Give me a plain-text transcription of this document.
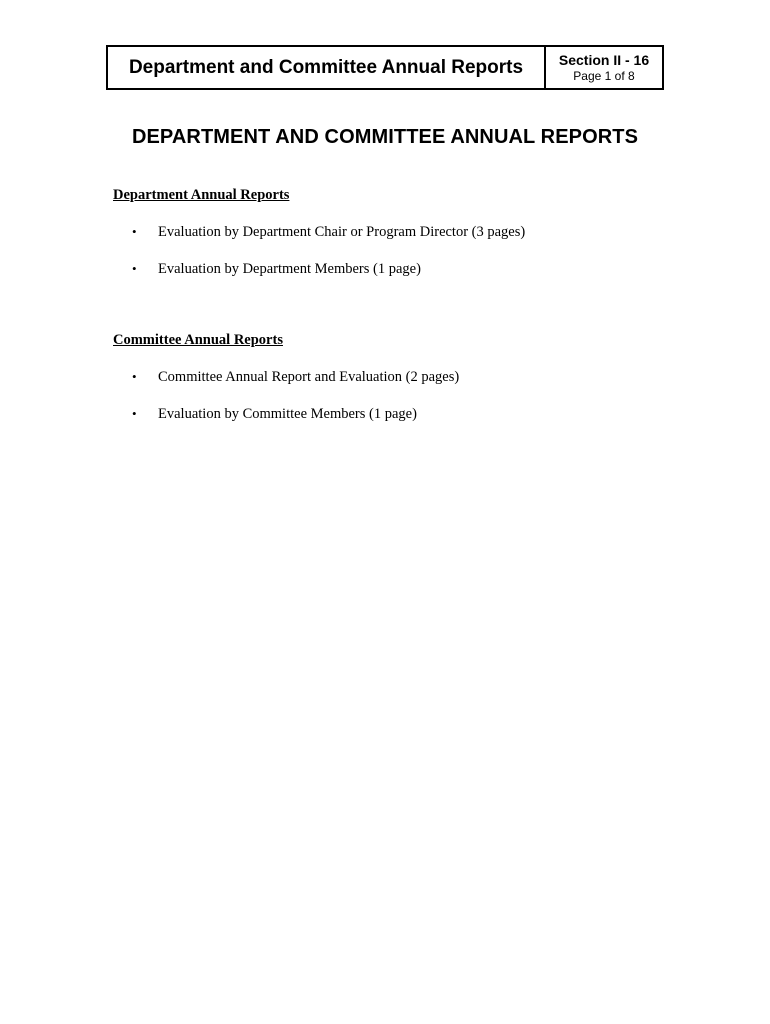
Department and Committee Annual Reports	Section II - 16
Page 1 of 8
DEPARTMENT AND COMMITTEE ANNUAL REPORTS
Department Annual Reports
• Evaluation by Department Chair or Program Director (3 pages)
• Evaluation by Department Members (1 page)
Committee Annual Reports
• Committee Annual Report and Evaluation (2 pages)
• Evaluation by Committee Members (1 page)
